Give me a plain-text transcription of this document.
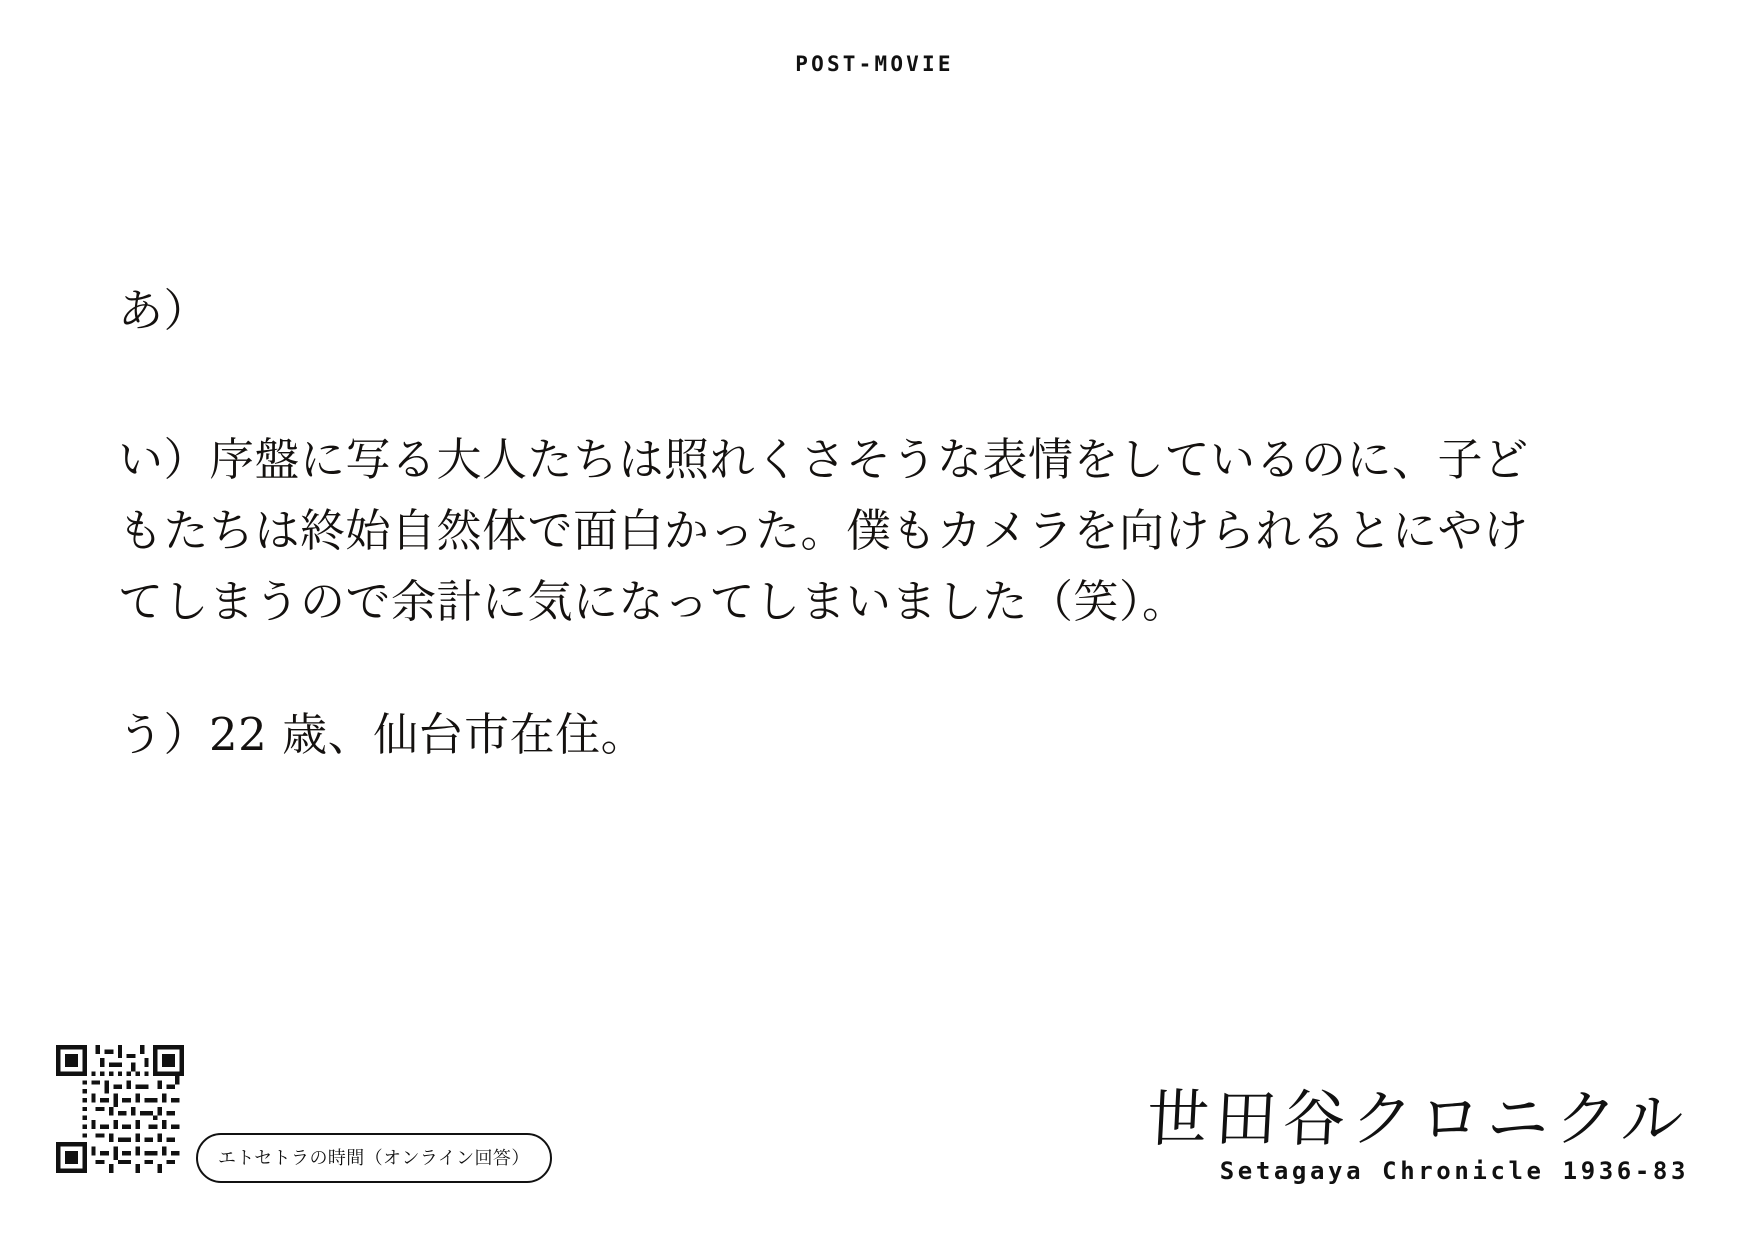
POST-MOVIE

あ）

い）序盤に写る大人たちは照れくさそうな表情をしているのに、子どもたちは終始自然体で面白かった。僕もカメラを向けられるとにやけてしまうので余計に気になってしまいました（笑）。

う）22 歳、仙台市在住。

エトセトラの時間（オンライン回答）
世田谷クロニクル
Setagaya Chronicle 1936-83
